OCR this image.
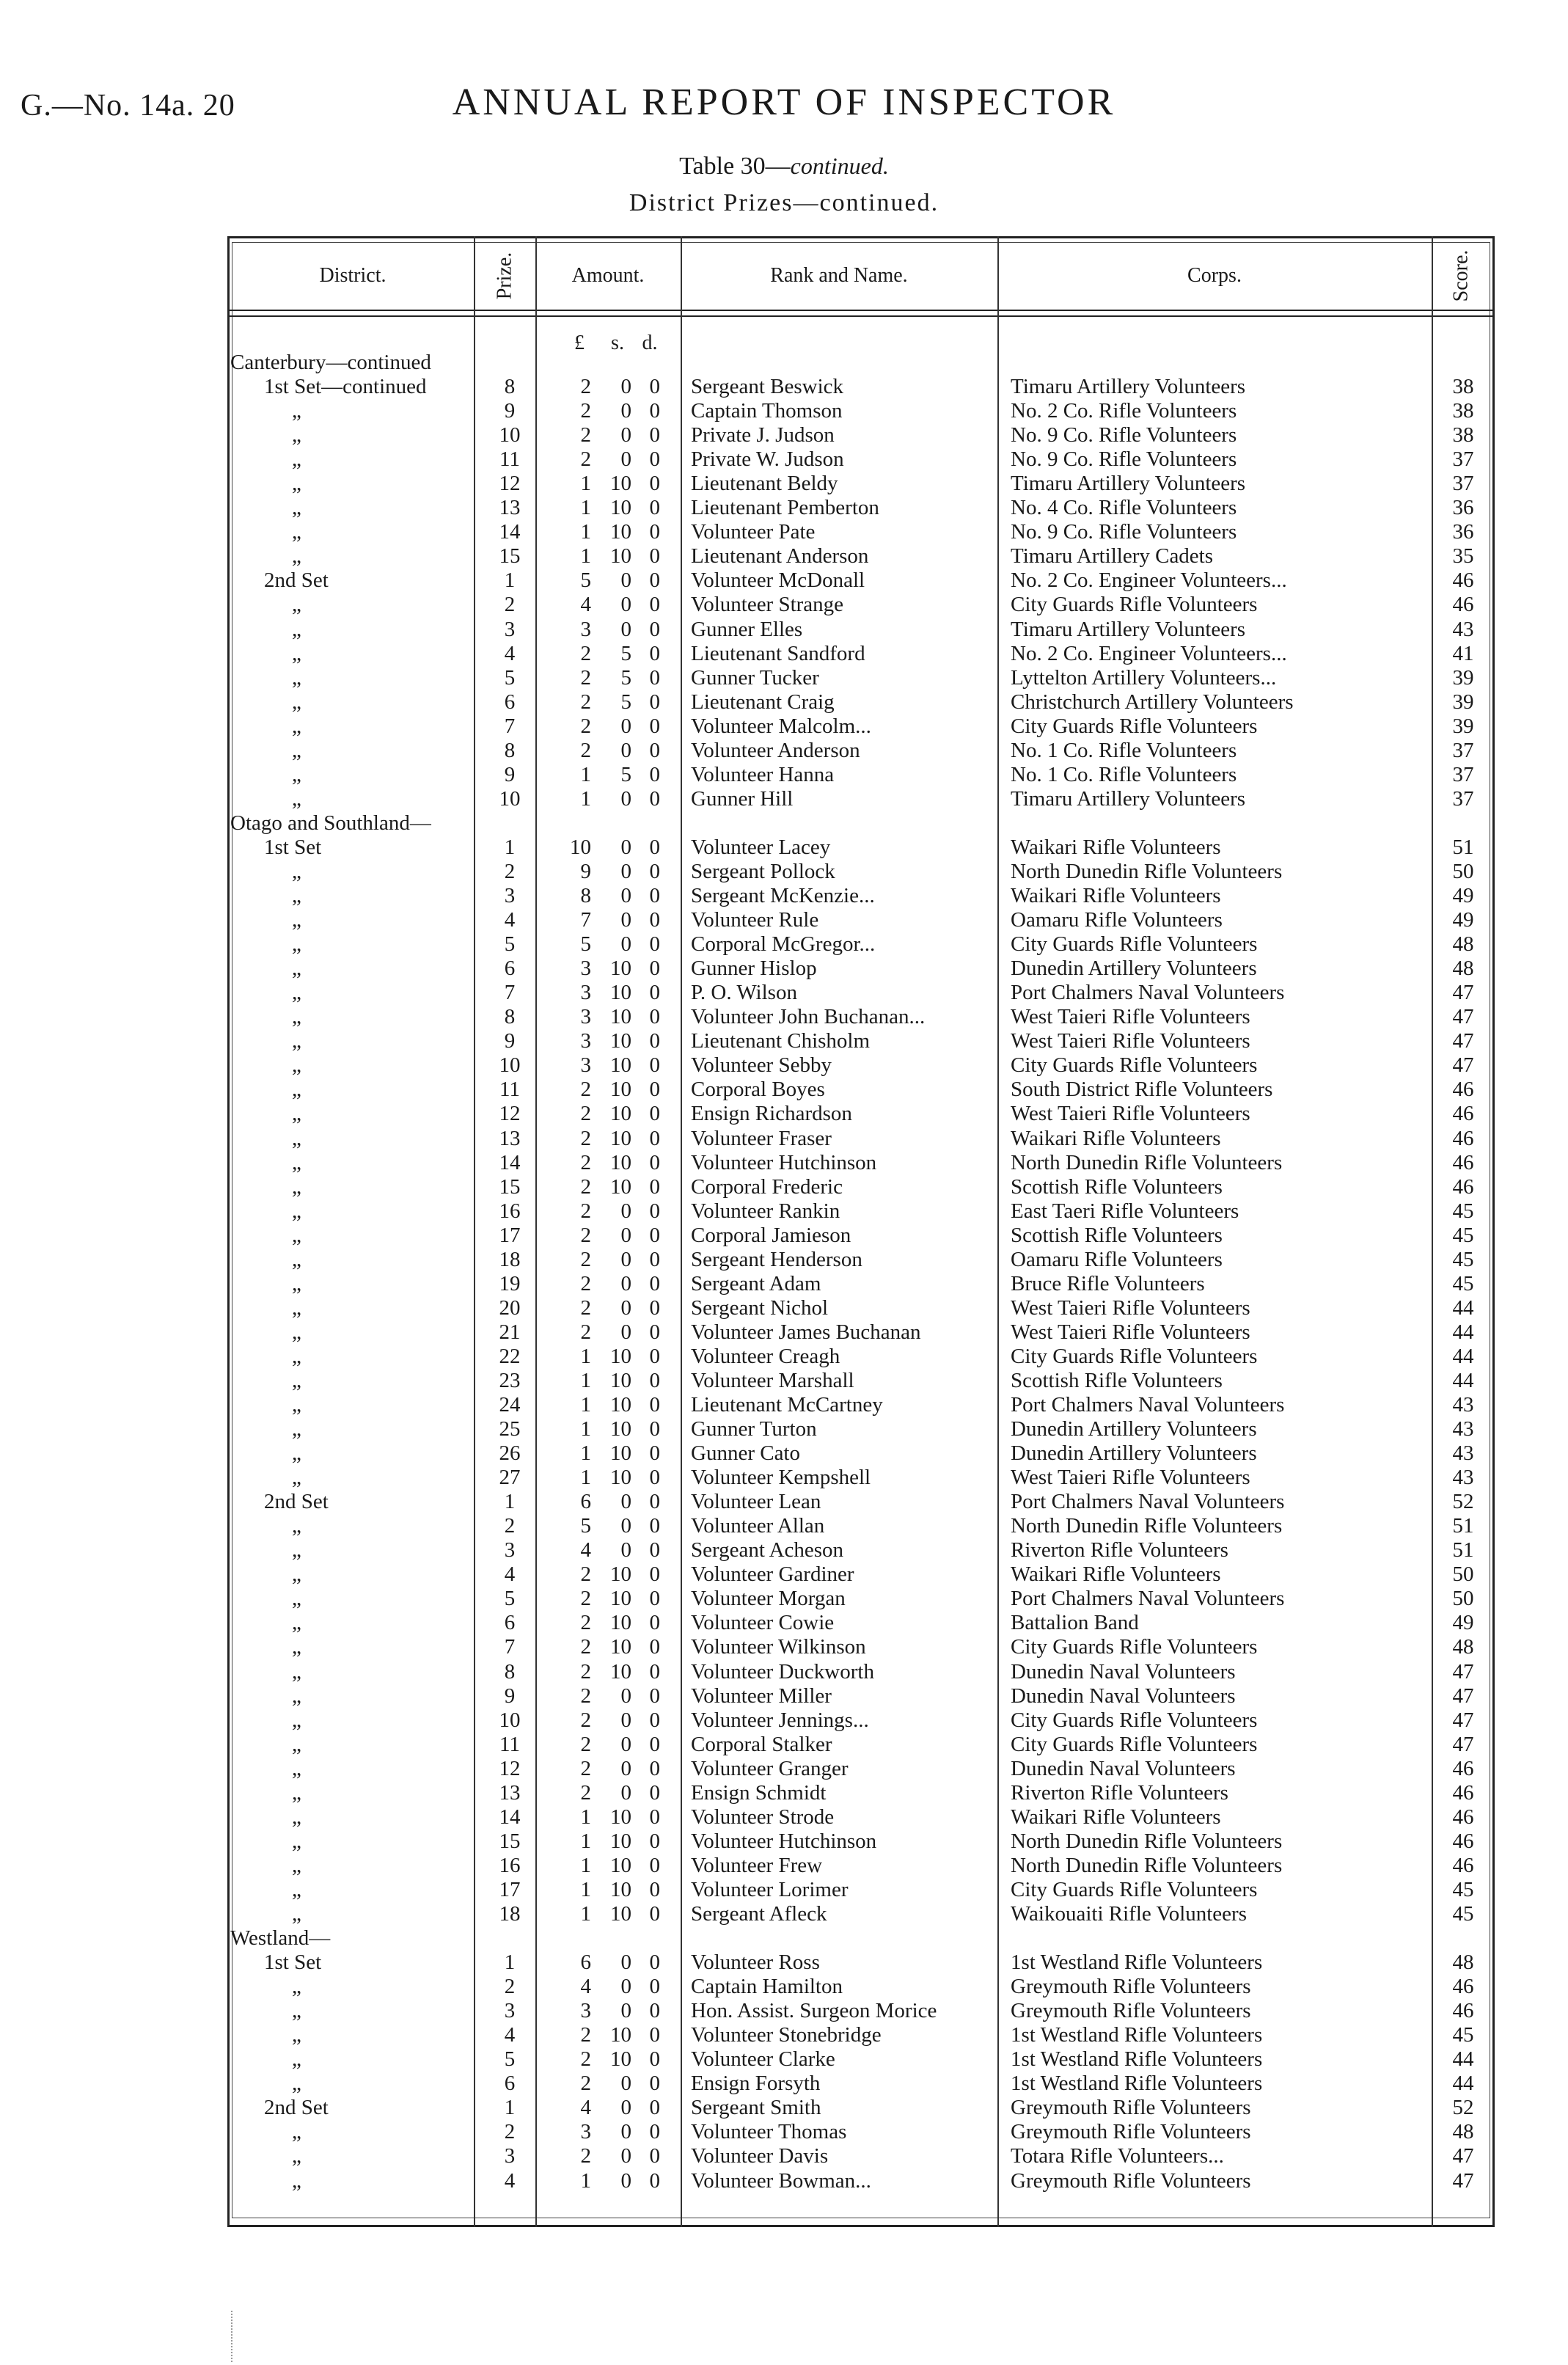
G.—No. 14a. 20	ANNUAL REPORT OF INSPECTOR
Table 30—continued.
District Prizes—continued.
District.	Prize.	Amount.	Rank and Name.	Corps.	Score.
£	s. d.
Canterbury—continued
1st Set—continued	8	2	0 0 Sergeant Beswick	Timaru Artillery Volunteers	38
„	9	2	0 0 Captain Thomson	No. 2 Co. Rifle Volunteers	38
„	10	2	0 0 Private J. Judson	No. 9 Co. Rifle Volunteers	38
„	11	2	0 0 Private W. Judson	No. 9 Co. Rifle Volunteers	37
„	12	1 10 0 Lieutenant Beldy	Timaru Artillery Volunteers	37
„	13	1 10 0 Lieutenant Pemberton	No. 4 Co. Rifle Volunteers	36
„	14	1 10 0 Volunteer Pate	No. 9 Co. Rifle Volunteers	36
„	15	1 10 0 Lieutenant Anderson	Timaru Artillery Cadets	35
2nd Set	1	5	0 0 Volunteer McDonall	No. 2 Co. Engineer Volunteers...	46
„	2	4	0 0 Volunteer Strange	City Guards Rifle Volunteers	46
„	3	3	0 0 Gunner Elles	Timaru Artillery Volunteers	43
„	4	2	5 0 Lieutenant Sandford	No. 2 Co. Engineer Volunteers...	41
„	5	2	5 0 Gunner Tucker	Lyttelton Artillery Volunteers...	39
„	6	2	5 0 Lieutenant Craig	Christchurch Artillery Volunteers	39
„	7	2	0 0 Volunteer Malcolm...	City Guards Rifle Volunteers	39
„	8	2	0 0 Volunteer Anderson	No. 1 Co. Rifle Volunteers	37
„	9	1	5 0 Volunteer Hanna	No. 1 Co. Rifle Volunteers	37
„	10	1	0 0 Gunner Hill	Timaru Artillery Volunteers	37
Otago and Southland—
1st Set	1	10	0 0 Volunteer Lacey	Waikari Rifle Volunteers	51
„	2	9	0 0 Sergeant Pollock	North Dunedin Rifle Volunteers	50
„	3	8	0 0 Sergeant McKenzie...	Waikari Rifle Volunteers	49
„	4	7	0 0 Volunteer Rule	Oamaru Rifle Volunteers	49
„	5	5	0 0 Corporal McGregor...	City Guards Rifle Volunteers	48
„	6	3 10 0 Gunner Hislop	Dunedin Artillery Volunteers	48
„	7	3 10 0 P. O. Wilson	Port Chalmers Naval Volunteers	47
„	8	3 10 0 Volunteer John Buchanan...	West Taieri Rifle Volunteers	47
„	9	3 10 0 Lieutenant Chisholm	West Taieri Rifle Volunteers	47
„	10	3 10 0 Volunteer Sebby	City Guards Rifle Volunteers	47
„	11	2 10 0 Corporal Boyes	South District Rifle Volunteers	46
„	12	2 10 0 Ensign Richardson	West Taieri Rifle Volunteers	46
„	13	2 10 0 Volunteer Fraser	Waikari Rifle Volunteers	46
„	14	2 10 0 Volunteer Hutchinson	North Dunedin Rifle Volunteers	46
„	15	2 10 0 Corporal Frederic	Scottish Rifle Volunteers	46
„	16	2	0 0 Volunteer Rankin	East Taeri Rifle Volunteers	45
„	17	2	0 0 Corporal Jamieson	Scottish Rifle Volunteers	45
„	18	2	0 0 Sergeant Henderson	Oamaru Rifle Volunteers	45
„	19	2	0 0 Sergeant Adam	Bruce Rifle Volunteers	45
„	20	2	0 0 Sergeant Nichol	West Taieri Rifle Volunteers	44
„	21	2	0 0 Volunteer James Buchanan	West Taieri Rifle Volunteers	44
„	22	1 10 0 Volunteer Creagh	City Guards Rifle Volunteers	44
„	23	1 10 0 Volunteer Marshall	Scottish Rifle Volunteers	44
„	24	1 10 0 Lieutenant McCartney	Port Chalmers Naval Volunteers	43
„	25	1 10 0 Gunner Turton	Dunedin Artillery Volunteers	43
„	26	1 10 0 Gunner Cato	Dunedin Artillery Volunteers	43
„	27	1 10 0 Volunteer Kempshell	West Taieri Rifle Volunteers	43
2nd Set	1	6	0 0 Volunteer Lean	Port Chalmers Naval Volunteers	52
„	2	5	0 0 Volunteer Allan	North Dunedin Rifle Volunteers	51
„	3	4	0 0 Sergeant Acheson	Riverton Rifle Volunteers	51
„	4	2 10 0 Volunteer Gardiner	Waikari Rifle Volunteers	50
„	5	2 10 0 Volunteer Morgan	Port Chalmers Naval Volunteers	50
„	6	2 10 0 Volunteer Cowie	Battalion Band	49
„	7	2 10 0 Volunteer Wilkinson	City Guards Rifle Volunteers	48
„	8	2 10 0 Volunteer Duckworth	Dunedin Naval Volunteers	47
„	9	2	0 0 Volunteer Miller	Dunedin Naval Volunteers	47
„	10	2	0 0 Volunteer Jennings...	City Guards Rifle Volunteers	47
„	11	2	0 0 Corporal Stalker	City Guards Rifle Volunteers	47
„	12	2	0 0 Volunteer Granger	Dunedin Naval Volunteers	46
„	13	2	0 0 Ensign Schmidt	Riverton Rifle Volunteers	46
„	14	1 10 0 Volunteer Strode	Waikari Rifle Volunteers	46
„	15	1 10 0 Volunteer Hutchinson	North Dunedin Rifle Volunteers	46
„	16	1 10 0 Volunteer Frew	North Dunedin Rifle Volunteers	46
„	17	1 10 0 Volunteer Lorimer	City Guards Rifle Volunteers	45
„	18	1 10 0 Sergeant Afleck	Waikouaiti Rifle Volunteers	45
Westland—
1st Set	1	6	0 0 Volunteer Ross	1st Westland Rifle Volunteers	48
„	2	4	0 0 Captain Hamilton	Greymouth Rifle Volunteers	46
„	3	3	0 0 Hon. Assist. Surgeon Morice	Greymouth Rifle Volunteers	46
„	4	2 10 0 Volunteer Stonebridge	1st Westland Rifle Volunteers	45
„	5	2 10 0 Volunteer Clarke	1st Westland Rifle Volunteers	44
„	6	2	0 0 Ensign Forsyth	1st Westland Rifle Volunteers	44
2nd Set	1	4	0 0 Sergeant Smith	Greymouth Rifle Volunteers	52
„	2	3	0 0 Volunteer Thomas	Greymouth Rifle Volunteers	48
„	3	2	0 0 Volunteer Davis	Totara Rifle Volunteers...	47
„	4	1	0 0 Volunteer Bowman...	Greymouth Rifle Volunteers	47
